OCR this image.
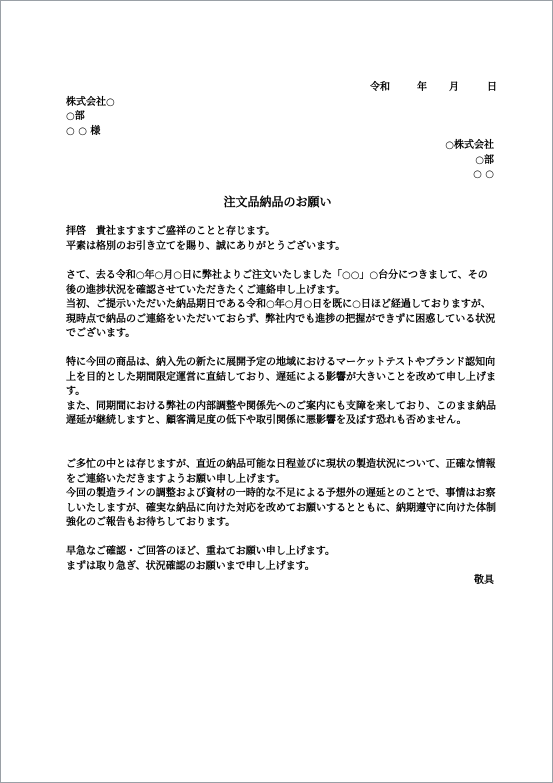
令和	年 月	日
株式会社○
○部
○ ○ 様
○株式会社
○部
○ ○
注文品納品のお願い

拝啓　貴社ますますご盛祥のことと存じます。
平素は格別のお引き立てを賜り、誠にありがとうございます。

さて、去る令和○年○月○日に弊社よりご注文いたしました「○○」○台分につきまして、その後の進捗状況を確認させていただきたくご連絡申し上げます。
当初、ご提示いただいた納品期日である令和○年○月○日を既に○日ほど経過しておりますが、現時点で納品のご連絡をいただいておらず、弊社内でも進捗の把握ができずに困惑している状況でございます。

特に今回の商品は、納入先の新たに展開予定の地域におけるマーケットテストやブランド認知向上を目的とした期間限定運営に直結しており、遅延による影響が大きいことを改めて申し上げます。
また、同期間における弊社の内部調整や関係先へのご案内にも支障を来しており、このまま納品遅延が継続しますと、顧客満足度の低下や取引関係に悪影響を及ぼす恐れも否めません。

ご多忙の中とは存じますが、直近の納品可能な日程並びに現状の製造状況について、正確な情報をご連絡いただきますようお願い申し上げます。
今回の製造ラインの調整および資材の一時的な不足による予想外の遅延とのことで、事情はお察しいたしますが、確実な納品に向けた対応を改めてお願いするとともに、納期遵守に向けた体制強化のご報告もお待ちしております。

早急なご確認・ご回答のほど、重ねてお願い申し上げます。
まずは取り急ぎ、状況確認のお願いまで申し上げます。

敬具
